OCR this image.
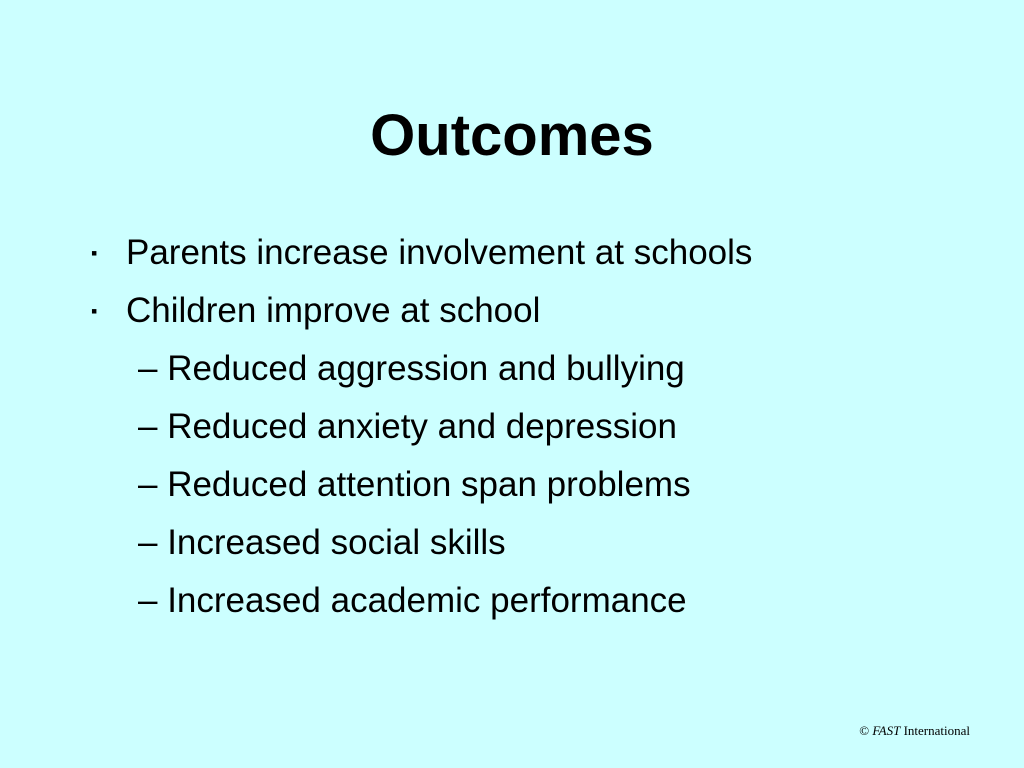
Outcomes
▪ Parents increase involvement at schools
▪ Children improve at school
– Reduced aggression and bullying
– Reduced anxiety and depression
– Reduced attention span problems
– Increased social skills
– Increased academic performance
© FAST International
